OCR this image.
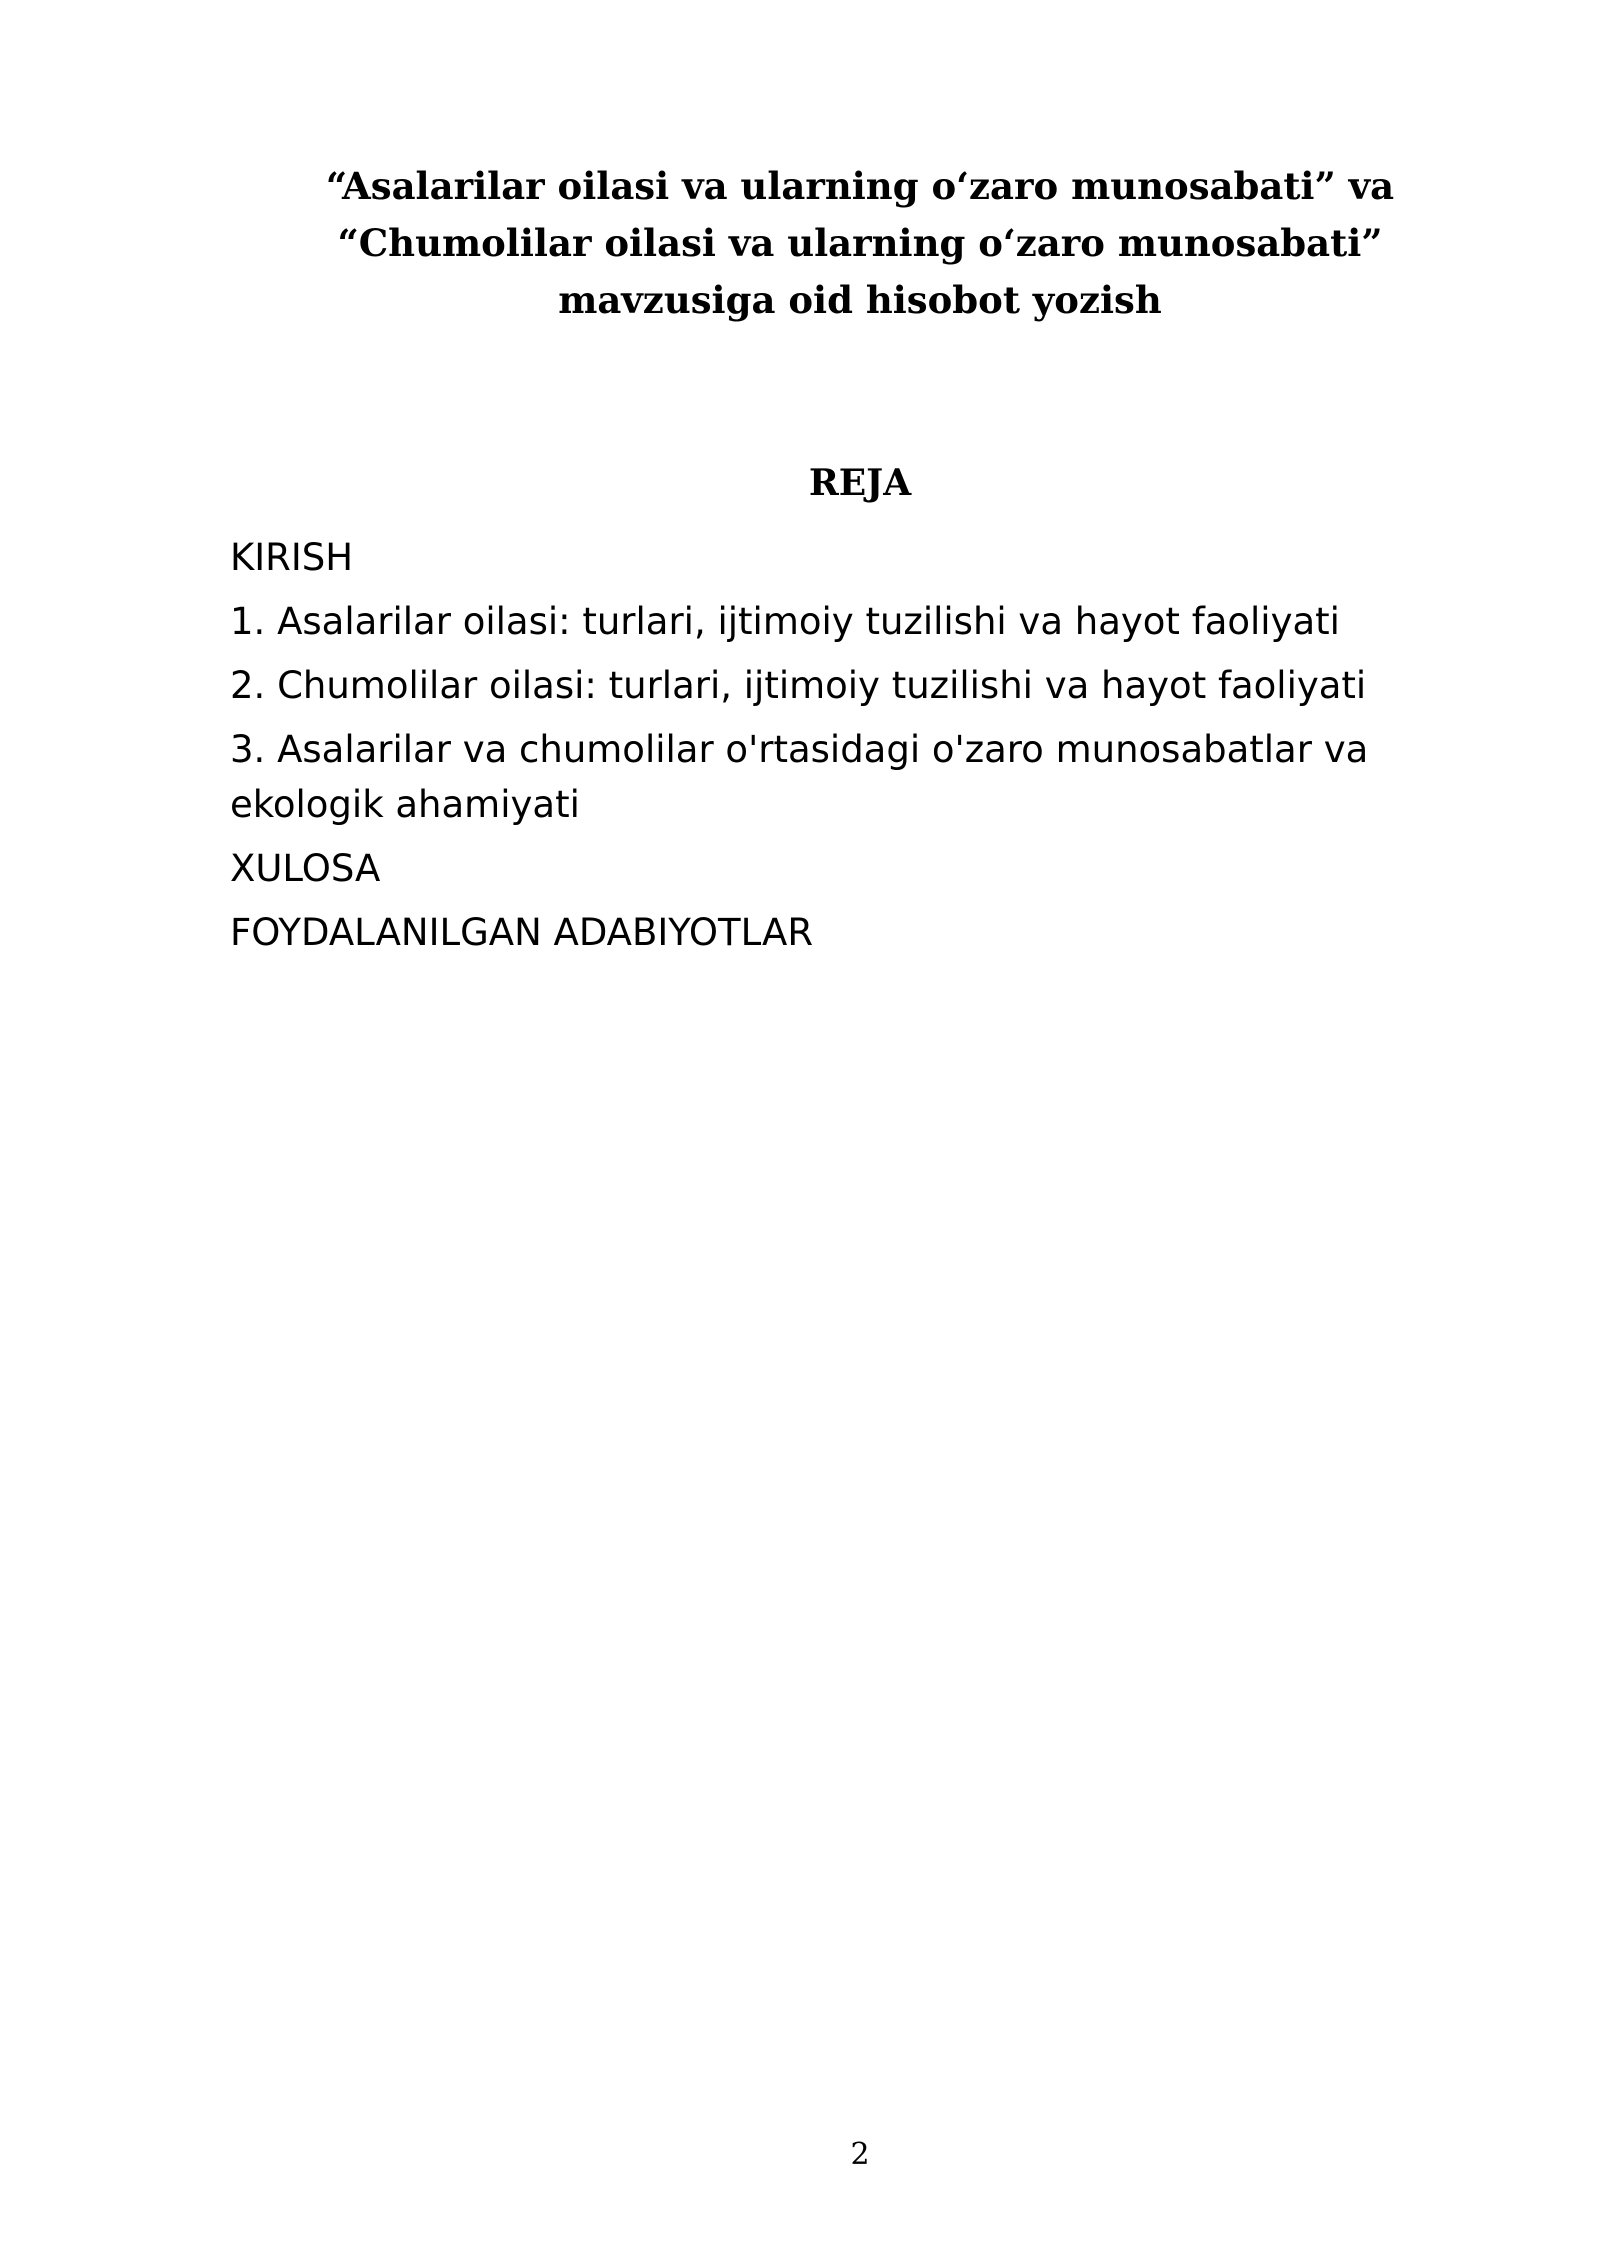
“Asalarilar oilasi va ularning oʻzaro munosabati” va
“Chumolilar oilasi va ularning oʻzaro munosabati”
mavzusiga oid hisobot yozish
REJA
KIRISH
1. Asalarilar oilasi: turlari, ijtimoiy tuzilishi va hayot faoliyati
2. Chumolilar oilasi: turlari, ijtimoiy tuzilishi va hayot faoliyati
3. Asalarilar va chumolilar o'rtasidagi o'zaro munosabatlar va ekologik ahamiyati
XULOSA
FOYDALANILGAN ADABIYOTLAR
2
